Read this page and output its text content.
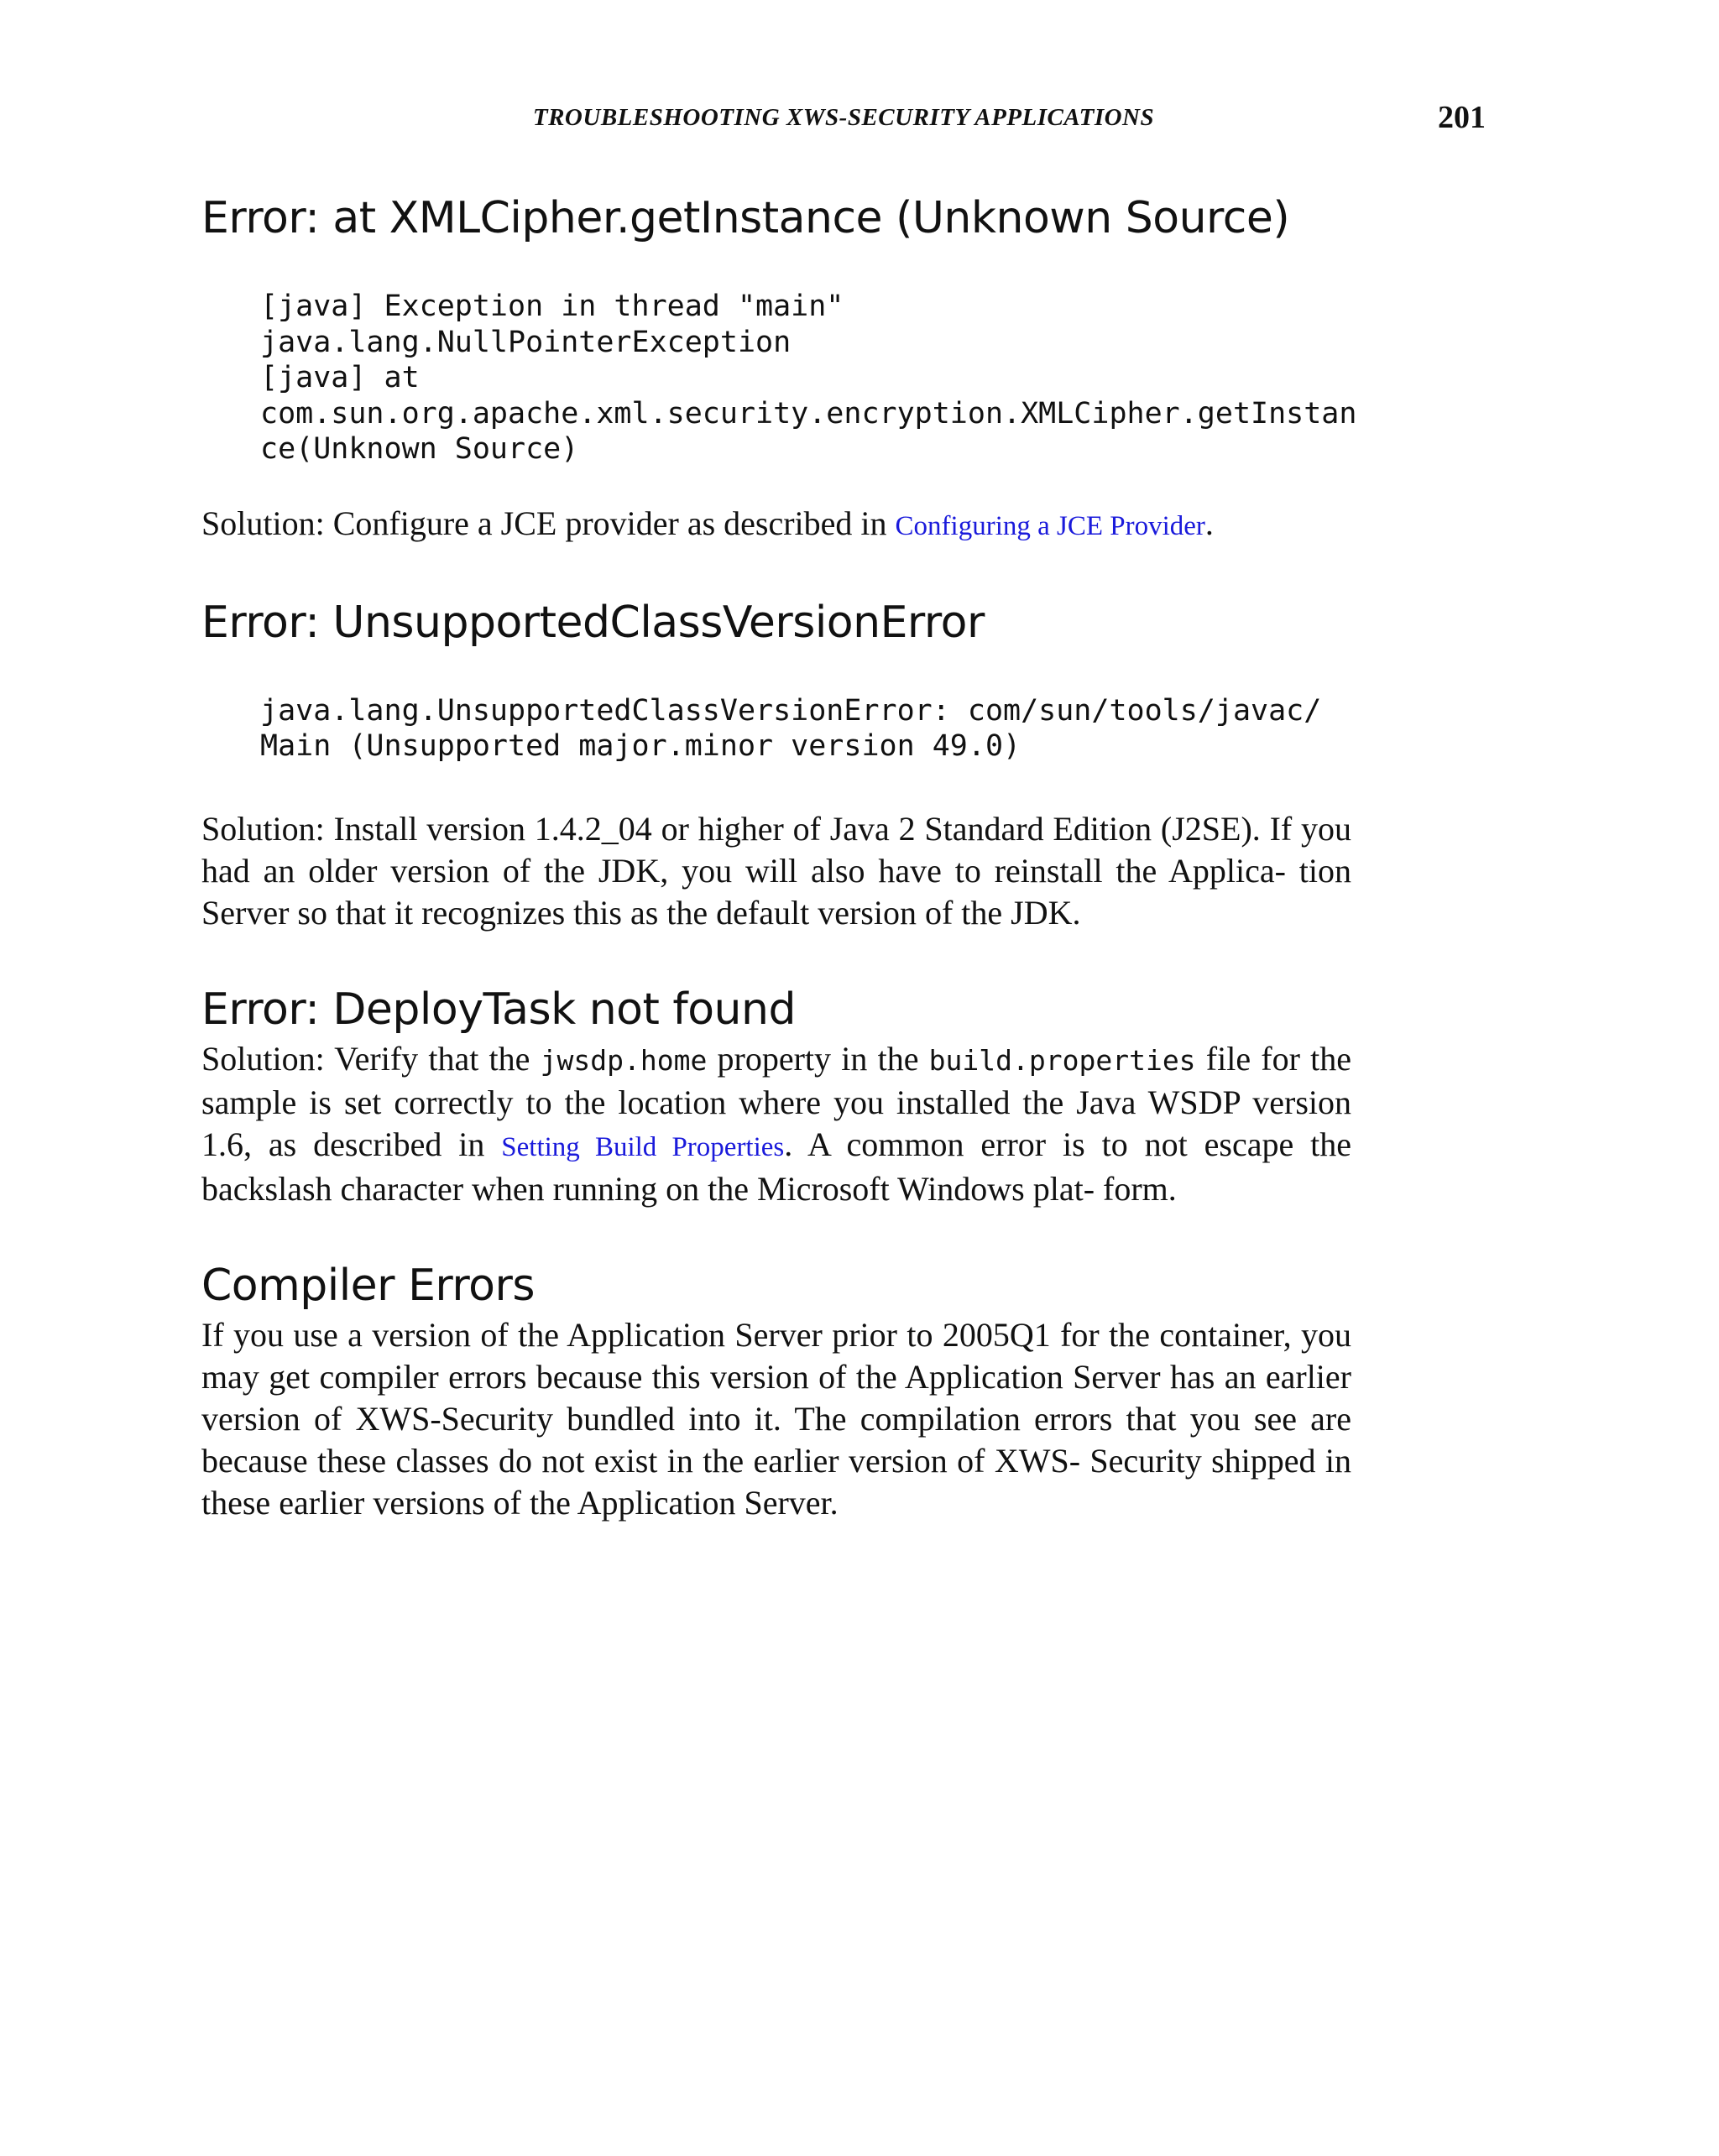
TROUBLESHOOTING XWS-SECURITY APPLICATIONS	201
Error: at XMLCipher.getInstance (Unknown Source)
[java] Exception in thread "main"
java.lang.NullPointerException
[java] at
com.sun.org.apache.xml.security.encryption.XMLCipher.getInstan
ce(Unknown Source)

Solution: Configure a JCE provider as described in Configuring a JCE Provider.

Error: UnsupportedClassVersionError
java.lang.UnsupportedClassVersionError: com/sun/tools/javac/
Main (Unsupported major.minor version 49.0)

Solution: Install version 1.4.2_04 or higher of Java 2 Standard Edition (J2SE). If you had an older version of the JDK, you will also have to reinstall the Applica- tion Server so that it recognizes this as the default version of the JDK.

Error: DeployTask not found

Solution: Verify that the jwsdp.home property in the build.properties file for the sample is set correctly to the location where you installed the Java WSDP version 1.6, as described in Setting Build Properties. A common error is to not escape the backslash character when running on the Microsoft Windows plat- form.

Compiler Errors

If you use a version of the Application Server prior to 2005Q1 for the container, you may get compiler errors because this version of the Application Server has an earlier version of XWS-Security bundled into it. The compilation errors that you see are because these classes do not exist in the earlier version of XWS- Security shipped in these earlier versions of the Application Server.
